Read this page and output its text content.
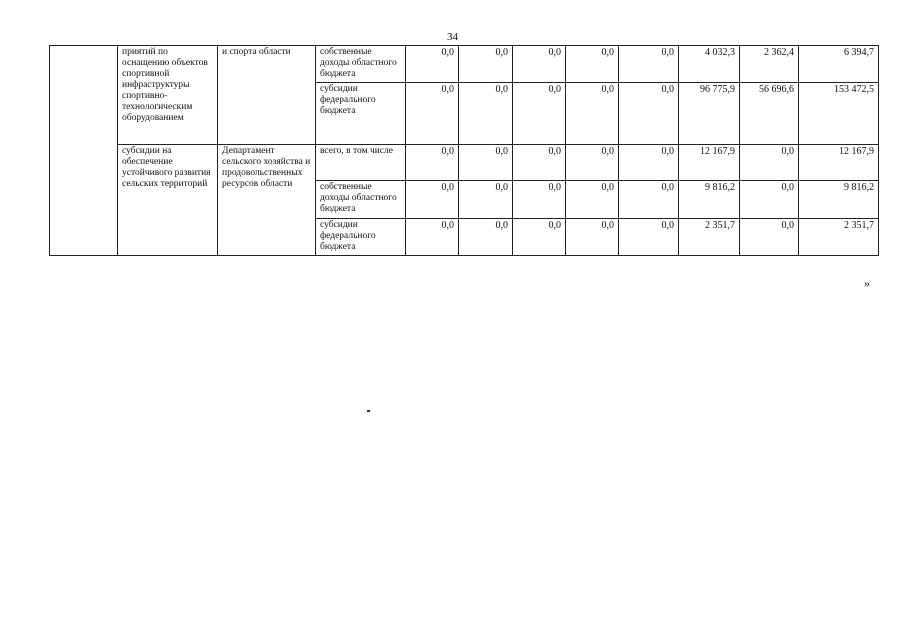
34
	приятий по оснащению объектов спортивной инфраструктуры спортивно-технологическим оборудованием	и спорта области	собственные доходы областного бюджета	0,0	0,0	0,0	0,0	0,0	4 032,3	2 362,4	6 394,7
			субсидии федерального бюджета	0,0	0,0	0,0	0,0	0,0	96 775,9	56 696,6	153 472,5
	субсидии на обеспечение устойчивого развития сельских территорий	Департамент сельского хозяйства и продовольственных ресурсов области	всего, в том числе	0,0	0,0	0,0	0,0	0,0	12 167,9	0,0	12 167,9
			собственные доходы областного бюджета	0,0	0,0	0,0	0,0	0,0	9 816,2	0,0	9 816,2
			субсидии федерального бюджета	0,0	0,0	0,0	0,0	0,0	2 351,7	0,0	2 351,7
»
